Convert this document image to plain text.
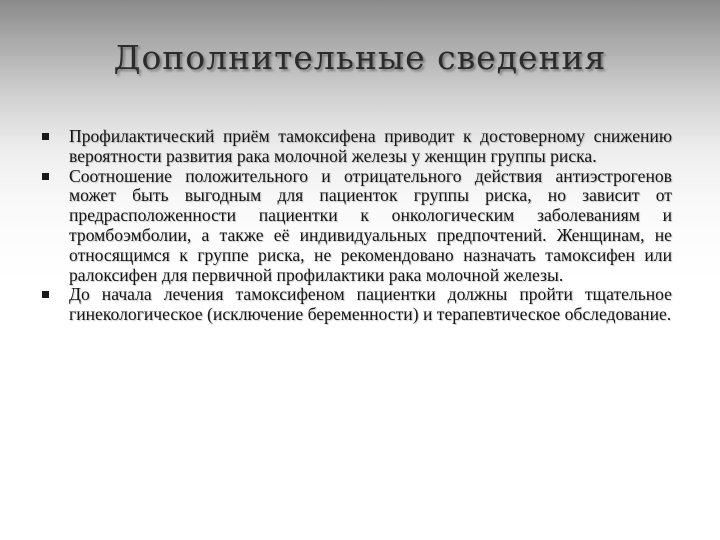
Дополнительные сведения
Профилактический приём тамоксифена приводит к достоверному снижению вероятности развития рака молочной железы у женщин группы риска.
Соотношение положительного и отрицательного действия антиэстрогенов может быть выгодным для пациенток группы риска, но зависит от предрасположенности пациентки к онкологическим заболеваниям и тромбоэмболии, а также её индивидуальных предпочтений. Женщинам, не относящимся к группе риска, не рекомендовано назначать тамоксифен или ралоксифен для первичной профилактики рака молочной железы.
До начала лечения тамоксифеном пациентки должны пройти тщательное гинекологическое (исключение беременности) и терапевтическое обследование.
